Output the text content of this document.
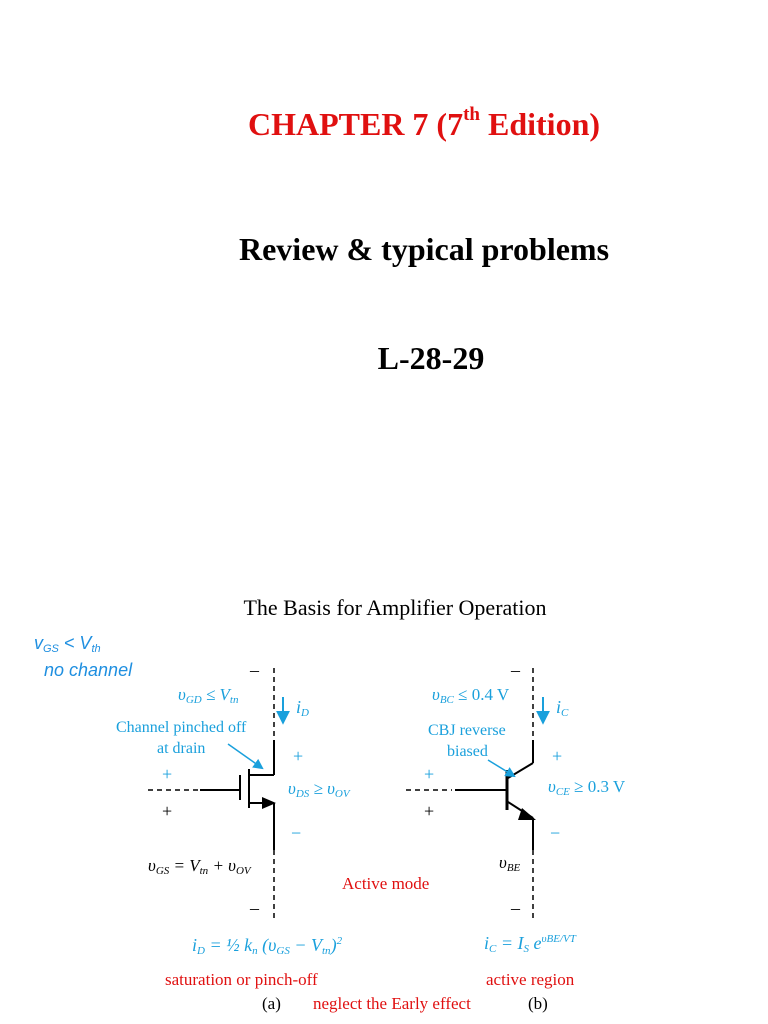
CHAPTER 7 (7th Edition)
Review & typical problems
L-28-29
The Basis for Amplifier Operation
$v_{GS} < V_{th}$
no channel	–
$\upsilon_{GD} \le V_{tn}$	$i_D$
Channel pinched off
at drain	+
+
$\upsilon_{DS} \ge \upsilon_{OV}$
+
−
$\upsilon_{GS} = V_{tn} + \upsilon_{OV}$
–
$i_D$ = ½ $k_n$ $(\upsilon_{GS} - V_{tn})^2$
saturation or pinch-off
(a)
–
$\upsilon_{BC} \le 0.4$ V
$i_C$
CBJ reverse
biased	+
+
$\upsilon_{CE} \ge 0.3$ V
+
−
$\upsilon_{BE}$
–
$i_C = I_S$ $e^{\upsilon BE/VT}$
active region
(b)
Active mode
neglect the Early effect
